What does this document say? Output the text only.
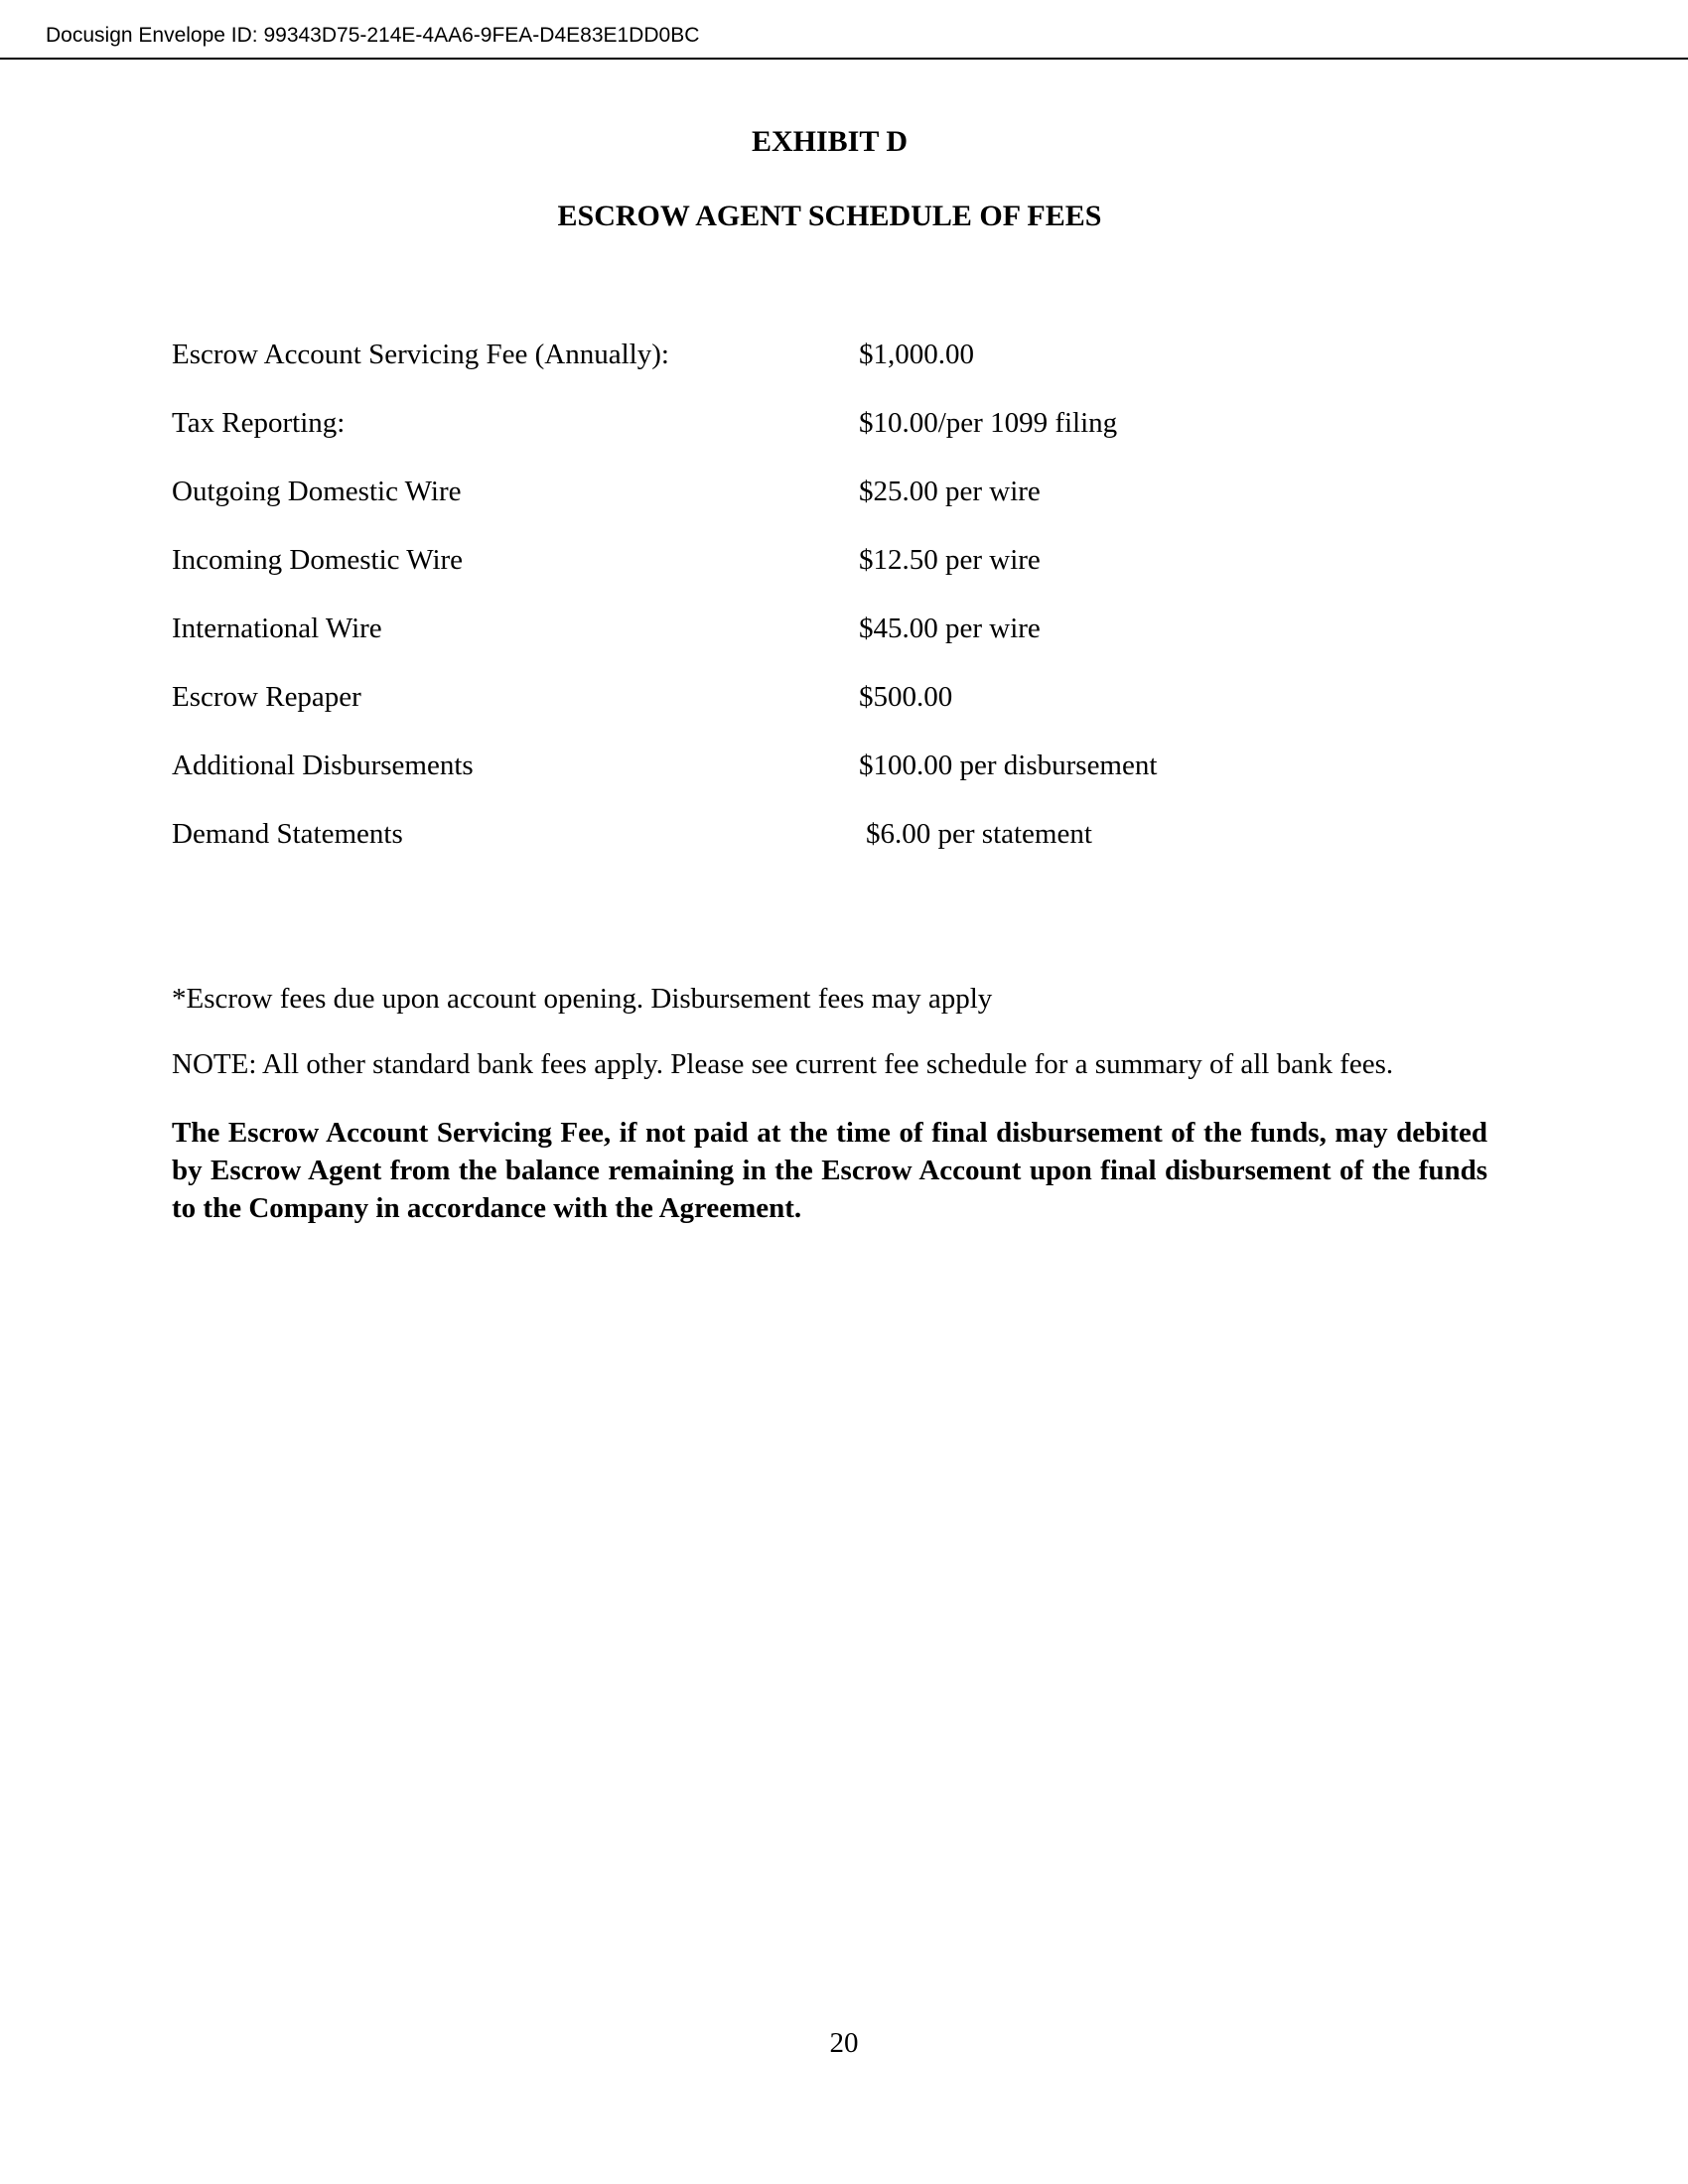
Docusign Envelope ID: 99343D75-214E-4AA6-9FEA-D4E83E1DD0BC
EXHIBIT D
ESCROW AGENT SCHEDULE OF FEES
Escrow Account Servicing Fee (Annually):	$1,000.00
Tax Reporting:	$10.00/per 1099 filing
Outgoing Domestic Wire	$25.00 per wire
Incoming Domestic Wire	$12.50 per wire
International Wire	$45.00 per wire
Escrow Repaper	$500.00
Additional Disbursements	$100.00 per disbursement
Demand Statements	$6.00 per statement

*Escrow fees due upon account opening. Disbursement fees may apply

NOTE: All other standard bank fees apply. Please see current fee schedule for a summary of all bank fees.

The Escrow Account Servicing Fee, if not paid at the time of final disbursement of the funds, may debited by Escrow Agent from the balance remaining in the Escrow Account upon final disbursement of the funds to the Company in accordance with the Agreement.

20
